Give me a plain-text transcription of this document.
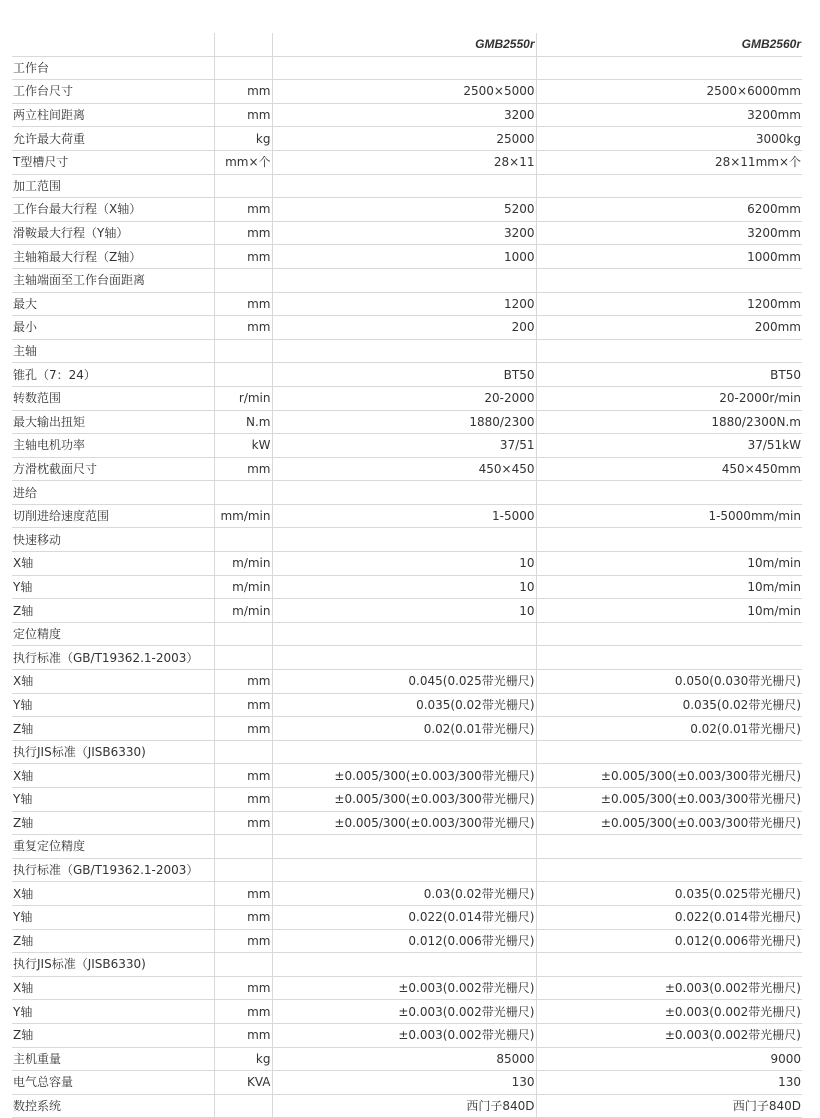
		GMB2550r	GMB2560r
工作台			
工作台尺寸	mm	2500×5000	2500×6000mm
两立柱间距离	mm	3200	3200mm
允许最大荷重	kg	25000	3000kg
T型槽尺寸	mm×个	28×11	28×11mm×个
加工范围			
工作台最大行程（X轴）	mm	5200	6200mm
滑鞍最大行程（Y轴）	mm	3200	3200mm
主轴箱最大行程（Z轴）	mm	1000	1000mm
主轴端面至工作台面距离			
最大	mm	1200	1200mm
最小	mm	200	200mm
主轴			
锥孔（7：24）		BT50	BT50
转数范围	r/min	20-2000	20-2000r/min
最大输出扭矩	N.m	1880/2300	1880/2300N.m
主轴电机功率	kW	37/51	37/51kW
方滑枕截面尺寸	mm	450×450	450×450mm
进给			
切削进给速度范围	mm/min	1-5000	1-5000mm/min
快速移动			
X轴	m/min	10	10m/min
Y轴	m/min	10	10m/min
Z轴	m/min	10	10m/min
定位精度			
执行标准（GB/T19362.1-2003）			
X轴	mm	0.045(0.025带光栅尺)	0.050(0.030带光栅尺)
Y轴	mm	0.035(0.02带光栅尺)	0.035(0.02带光栅尺)
Z轴	mm	0.02(0.01带光栅尺)	0.02(0.01带光栅尺)
执行JIS标准（JISB6330)			
X轴	mm	±0.005/300(±0.003/300带光栅尺)	±0.005/300(±0.003/300带光栅尺)
Y轴	mm	±0.005/300(±0.003/300带光栅尺)	±0.005/300(±0.003/300带光栅尺)
Z轴	mm	±0.005/300(±0.003/300带光栅尺)	±0.005/300(±0.003/300带光栅尺)
重复定位精度			
执行标准（GB/T19362.1-2003）			
X轴	mm	0.03(0.02带光栅尺)	0.035(0.025带光栅尺)
Y轴	mm	0.022(0.014带光栅尺)	0.022(0.014带光栅尺)
Z轴	mm	0.012(0.006带光栅尺)	0.012(0.006带光栅尺)
执行JIS标准（JISB6330)			
X轴	mm	±0.003(0.002带光栅尺)	±0.003(0.002带光栅尺)
Y轴	mm	±0.003(0.002带光栅尺)	±0.003(0.002带光栅尺)
Z轴	mm	±0.003(0.002带光栅尺)	±0.003(0.002带光栅尺)
主机重量	kg	85000	9000
电气总容量	KVA	130	130
数控系统		西门子840D	西门子840D
